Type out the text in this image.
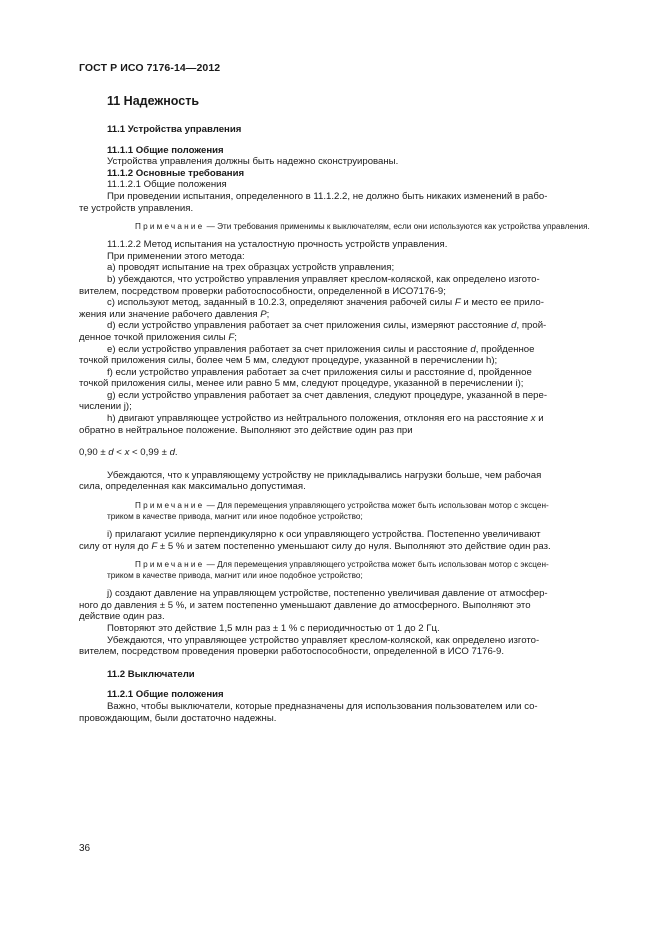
ГОСТ Р ИСО 7176-14—2012
11 Надежность

11.1 Устройства управления

11.1.1 Общие положения

Устройства управления должны быть надежно сконструированы.

11.1.2 Основные требования

11.1.2.1 Общие положения

При проведении испытания, определенного в 11.1.2.2, не должно быть никаких изменений в рабо-

те устройств управления.

Примечание — Эти требования применимы к выключателям, если они используются как устройства управления.

11.1.2.2 Метод испытания на усталостную прочность устройств управления.

При применении этого метода:

а) проводят испытание на трех образцах устройств управления;

b) убеждаются, что устройство управления управляет креслом-коляской, как определено изгото-

вителем, посредством проверки работоспособности, определенной в ИСО7176-9;

с) используют метод, заданный в 10.2.3, определяют значения рабочей силы F и место ее прило-

жения или значение рабочего давления Р;

d) если устройство управления работает за счет приложения силы, измеряют расстояние d, прой-

денное точкой приложения силы F;

е) если устройство управления работает за счет приложения силы и расстояние d, пройденное

точкой приложения силы, более чем 5 мм, следуют процедуре, указанной в перечислении h);

f) если устройство управления работает за счет приложения силы и расстояние d, пройденное

точкой приложения силы, менее или равно 5 мм, следуют процедуре, указанной в перечислении i);

g) если устройство управления работает за счет давления, следуют процедуре, указанной в пере-

числении j);

h) двигают управляющее устройство из нейтрального положения, отклоняя его на расстояние х и

обратно в нейтральное положение. Выполняют это действие один раз при

0,90 ± d < х < 0,99 ± d.

Убеждаются, что к управляющему устройству не прикладывались нагрузки больше, чем рабочая

сила, определенная как максимально допустимая.

Примечание — Для перемещения управляющего устройства может быть использован мотор с эксцен-

триком в качестве привода, магнит или иное подобное устройство;

i) прилагают усилие перпендикулярно к оси управляющего устройства. Постепенно увеличивают

силу от нуля до F ± 5 % и затем постепенно уменьшают силу до нуля. Выполняют это действие один раз.

Примечание — Для перемещения управляющего устройства может быть использован мотор с эксцен-

триком в качестве привода, магнит или иное подобное устройство;

j) создают давление на управляющем устройстве, постепенно увеличивая давление от атмосфер-

ного до давления ± 5 %, и затем постепенно уменьшают давление до атмосферного. Выполняют это

действие один раз.

Повторяют это действие 1,5 млн раз ± 1 % с периодичностью от 1 до 2 Гц.

Убеждаются, что управляющее устройство управляет креслом-коляской, как определено изгото-

вителем, посредством проведения проверки работоспособности, определенной в ИСО 7176-9.

11.2 Выключатели

11.2.1 Общие положения

Важно, чтобы выключатели, которые предназначены для использования пользователем или со-

провождающим, были достаточно надежны.

36
